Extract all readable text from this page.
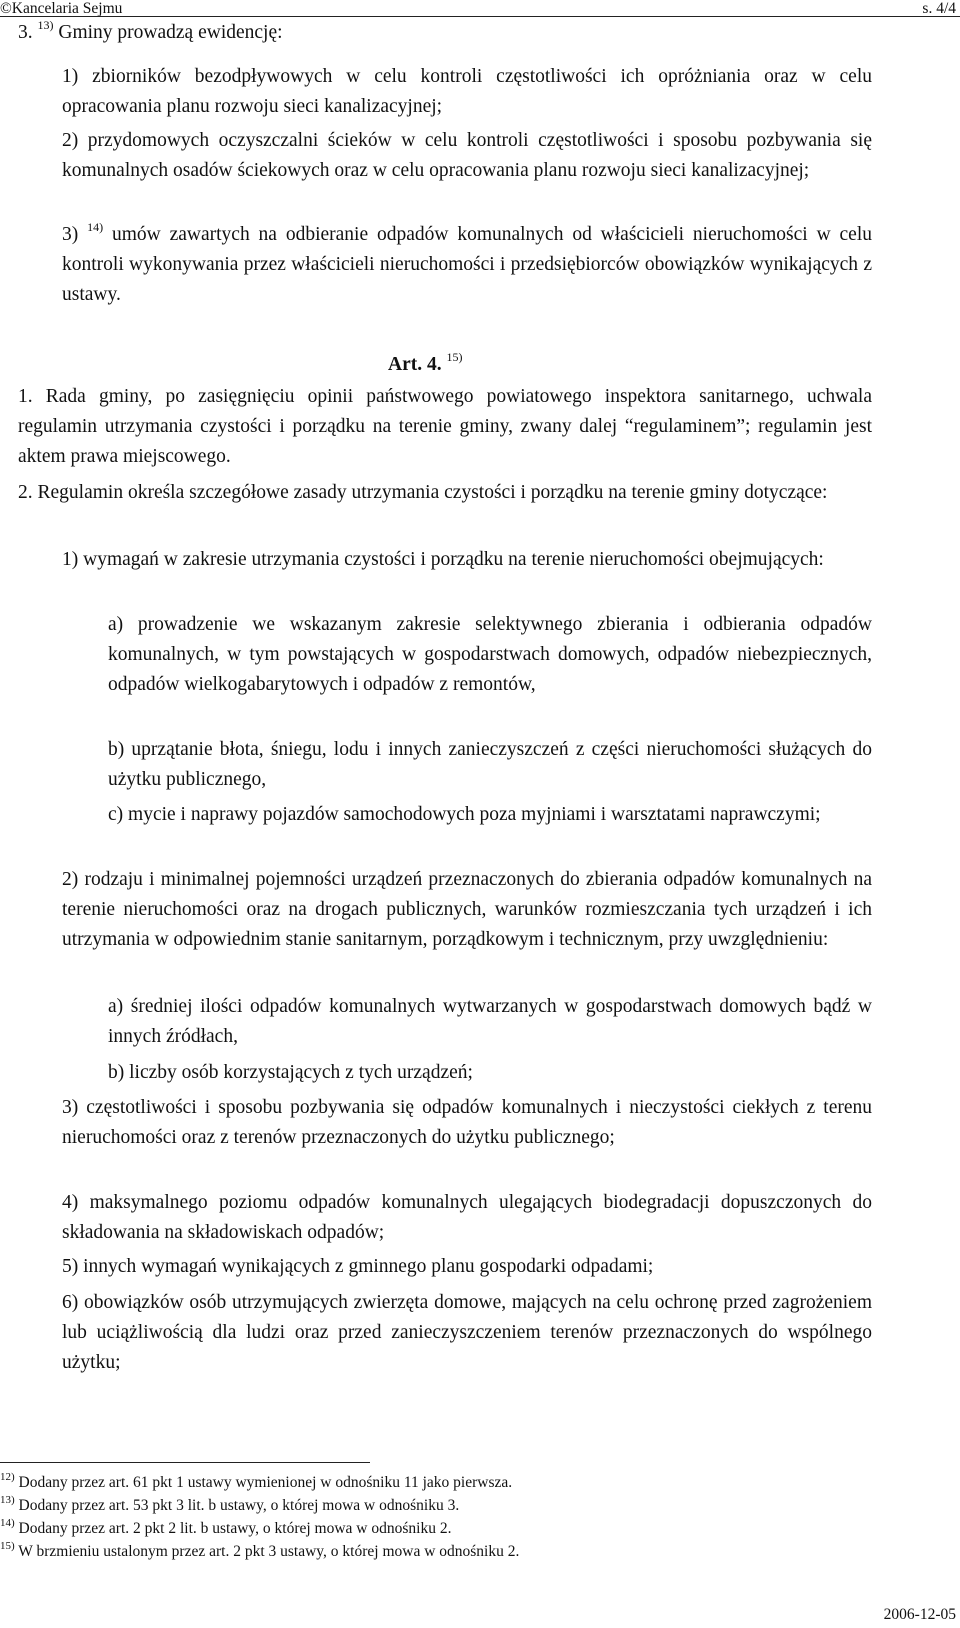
©Kancelaria Sejmu	s. 4/4
3. $^{13)}$ Gminy prowadzą ewidencję:
1) zbiorników bezodpływowych w celu kontroli częstotliwości ich opróżniania oraz w celu opracowania planu rozwoju sieci kanalizacyjnej;
2) przydomowych oczyszczalni ścieków w celu kontroli częstotliwości i sposobu pozbywania się komunalnych osadów ściekowych oraz w celu opracowania planu rozwoju sieci kanalizacyjnej;
3) $^{14)}$ umów zawartych na odbieranie odpadów komunalnych od właścicieli nieruchomości w celu kontroli wykonywania przez właścicieli nieruchomości i przedsiębiorców obowiązków wynikających z ustawy.
Art. 4. $^{15)}$
1. Rada gminy, po zasięgnięciu opinii państwowego powiatowego inspektora sanitarnego, uchwala regulamin utrzymania czystości i porządku na terenie gminy, zwany dalej “regulaminem”; regulamin jest aktem prawa miejscowego.
2. Regulamin określa szczegółowe zasady utrzymania czystości i porządku na terenie gminy dotyczące:
1) wymagań w zakresie utrzymania czystości i porządku na terenie nieruchomości obejmujących:
a) prowadzenie we wskazanym zakresie selektywnego zbierania i odbierania odpadów komunalnych, w tym powstających w gospodarstwach domowych, odpadów niebezpiecznych, odpadów wielkogabarytowych i odpadów z remontów,
b) uprzątanie błota, śniegu, lodu i innych zanieczyszczeń z części nieruchomości służących do użytku publicznego,
c) mycie i naprawy pojazdów samochodowych poza myjniami i warsztatami naprawczymi;
2) rodzaju i minimalnej pojemności urządzeń przeznaczonych do zbierania odpadów komunalnych na terenie nieruchomości oraz na drogach publicznych, warunków rozmieszczania tych urządzeń i ich utrzymania w odpowiednim stanie sanitarnym, porządkowym i technicznym, przy uwzględnieniu:
a) średniej ilości odpadów komunalnych wytwarzanych w gospodarstwach domowych bądź w innych źródłach,
b) liczby osób korzystających z tych urządzeń;
3) częstotliwości i sposobu pozbywania się odpadów komunalnych i nieczystości ciekłych z terenu nieruchomości oraz z terenów przeznaczonych do użytku publicznego;
4) maksymalnego poziomu odpadów komunalnych ulegających biodegradacji dopuszczonych do składowania na składowiskach odpadów;
5) innych wymagań wynikających z gminnego planu gospodarki odpadami;
6) obowiązków osób utrzymujących zwierzęta domowe, mających na celu ochronę przed zagrożeniem lub uciążliwością dla ludzi oraz przed zanieczyszczeniem terenów przeznaczonych do wspólnego użytku;
$^{12)}$ Dodany przez art. 61 pkt 1 ustawy wymienionej w odnośniku 11 jako pierwsza.
$^{13)}$ Dodany przez art. 53 pkt 3 lit. b ustawy, o której mowa w odnośniku 3.
$^{14)}$ Dodany przez art. 2 pkt 2 lit. b ustawy, o której mowa w odnośniku 2.
$^{15)}$ W brzmieniu ustalonym przez art. 2 pkt 3 ustawy, o której mowa w odnośniku 2.
2006-12-05
